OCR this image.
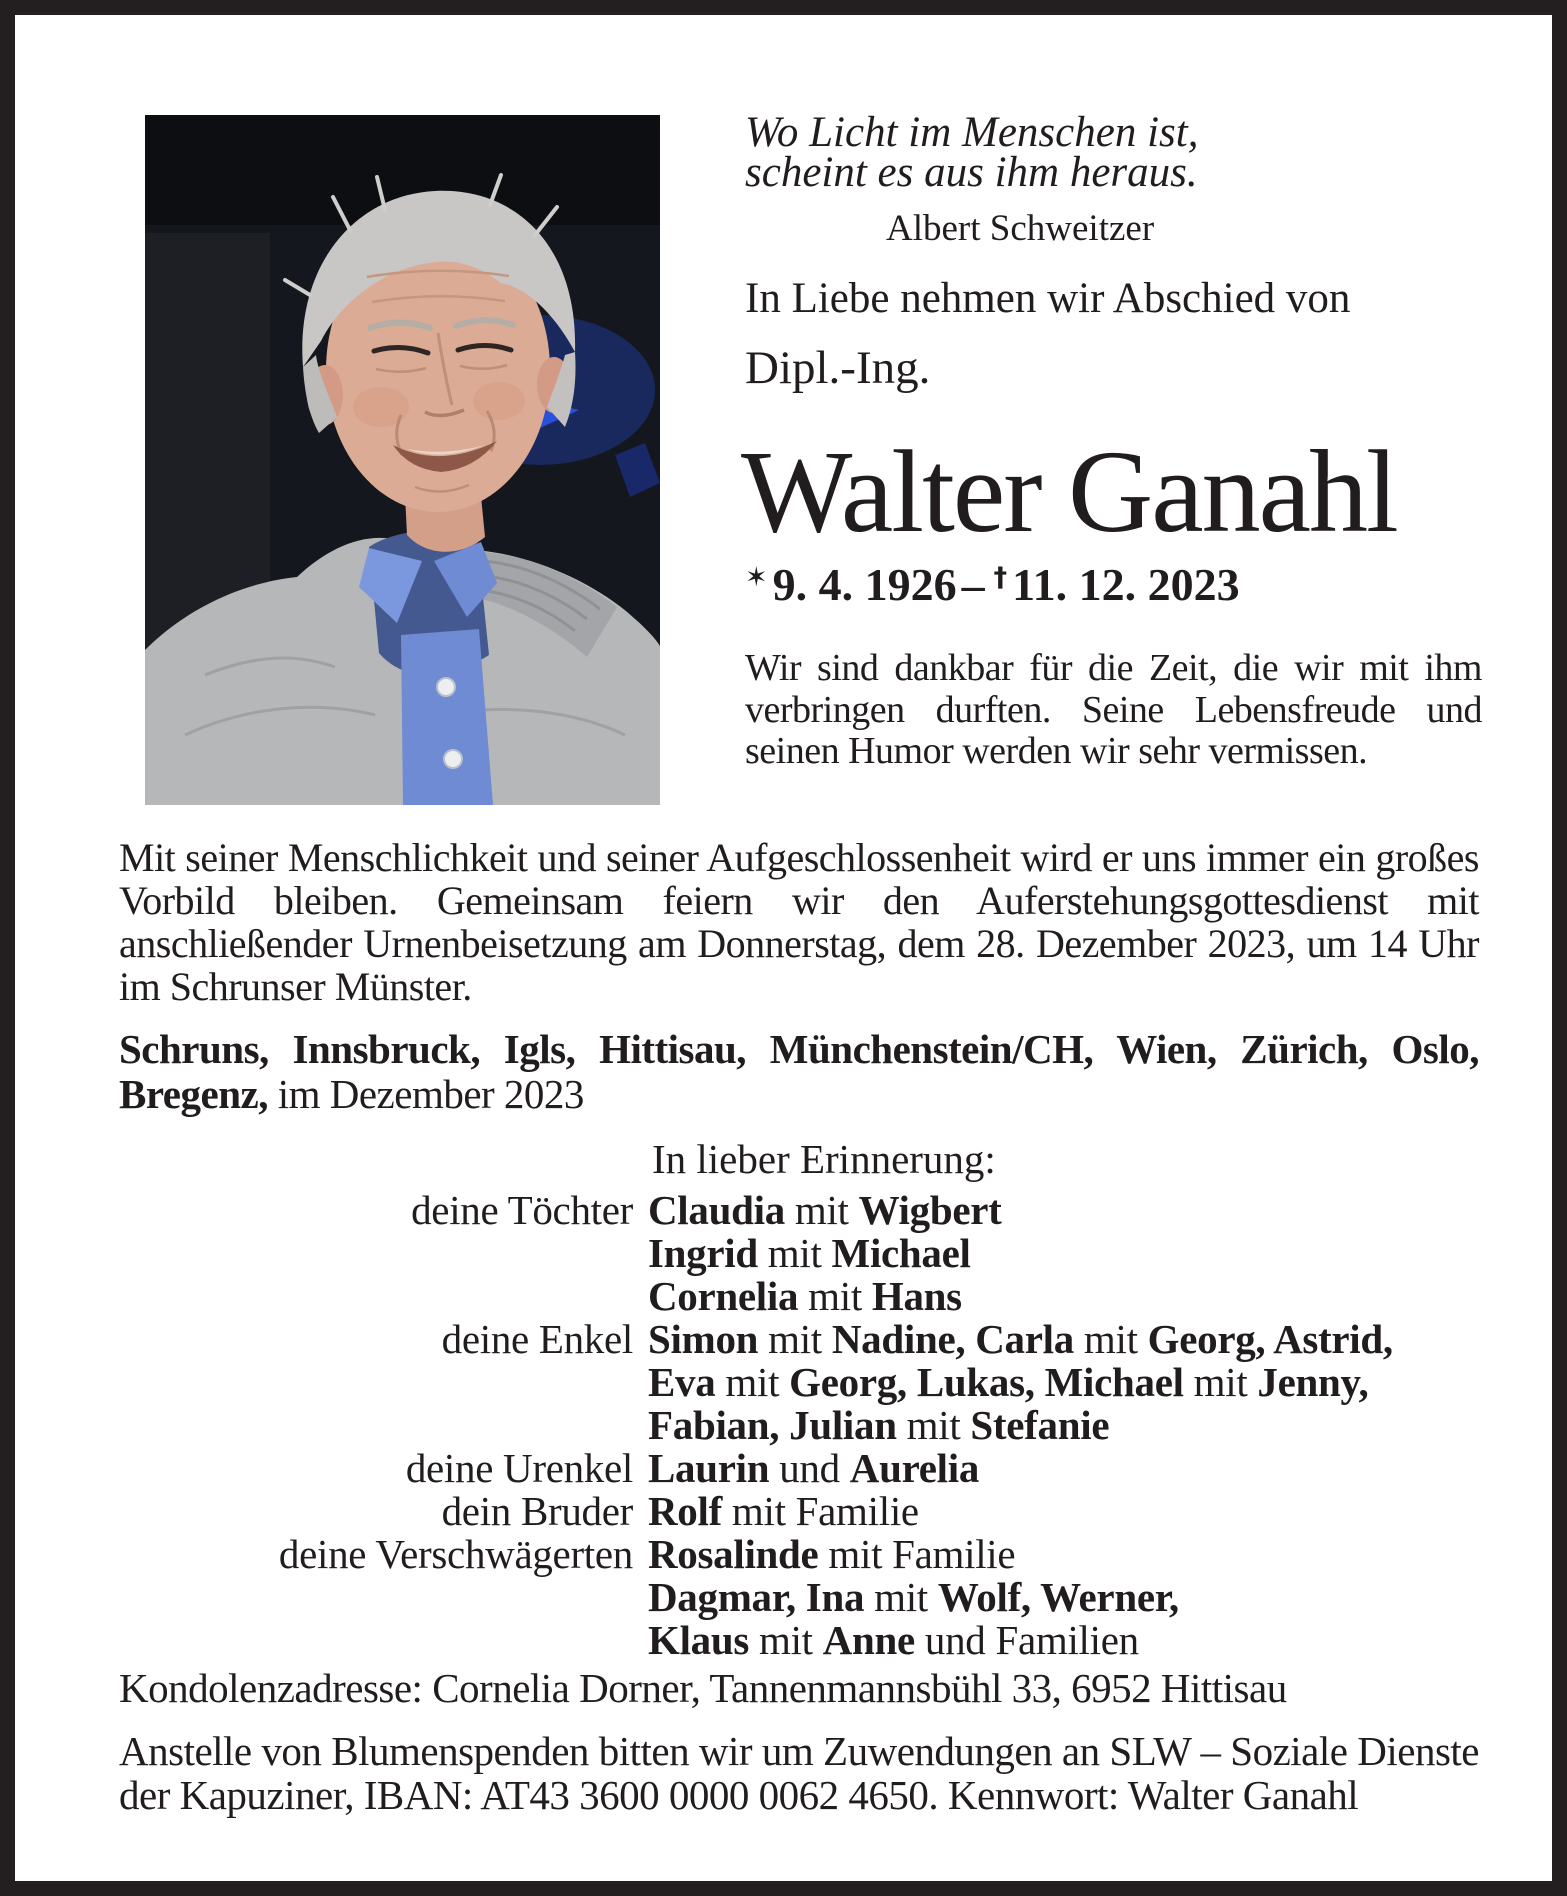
Wo Licht im Menschen ist,
scheint es aus ihm heraus.
Albert Schweitzer
In Liebe nehmen wir Abschied von
Dipl.-Ing.
Walter Ganahl
✶ 9. 4. 1926 – † 11. 12. 2023

Wir sind dankbar für die Zeit, die wir mit ihm verbringen durften. Seine Lebensfreude und seinen Humor werden wir sehr vermissen.

Mit seiner Menschlichkeit und seiner Aufgeschlossenheit wird er uns immer ein großes Vorbild bleiben. Gemeinsam feiern wir den Auferstehungsgottesdienst mit anschließender Urnenbeisetzung am Donnerstag, dem 28. Dezember 2023, um 14 Uhr im Schrunser Münster.

Schruns, Innsbruck, Igls, Hittisau, Münchenstein/CH, Wien, Zürich, Oslo, Bregenz, im Dezember 2023

In lieber Erinnerung:
deine Töchter Claudia mit Wigbert
Ingrid mit Michael
Cornelia mit Hans
deine Enkel Simon mit Nadine, Carla mit Georg, Astrid,
Eva mit Georg, Lukas, Michael mit Jenny,
Fabian, Julian mit Stefanie
deine Urenkel Laurin und Aurelia
dein Bruder Rolf mit Familie
deine Verschwägerten Rosalinde mit Familie
Dagmar, Ina mit Wolf, Werner,
Klaus mit Anne und Familien

Kondolenzadresse: Cornelia Dorner, Tannenmannsbühl 33, 6952 Hittisau

Anstelle von Blumenspenden bitten wir um Zuwendungen an SLW – Soziale Dienste der Kapuziner, IBAN: AT43 3600 0000 0062 4650. Kennwort: Walter Ganahl
